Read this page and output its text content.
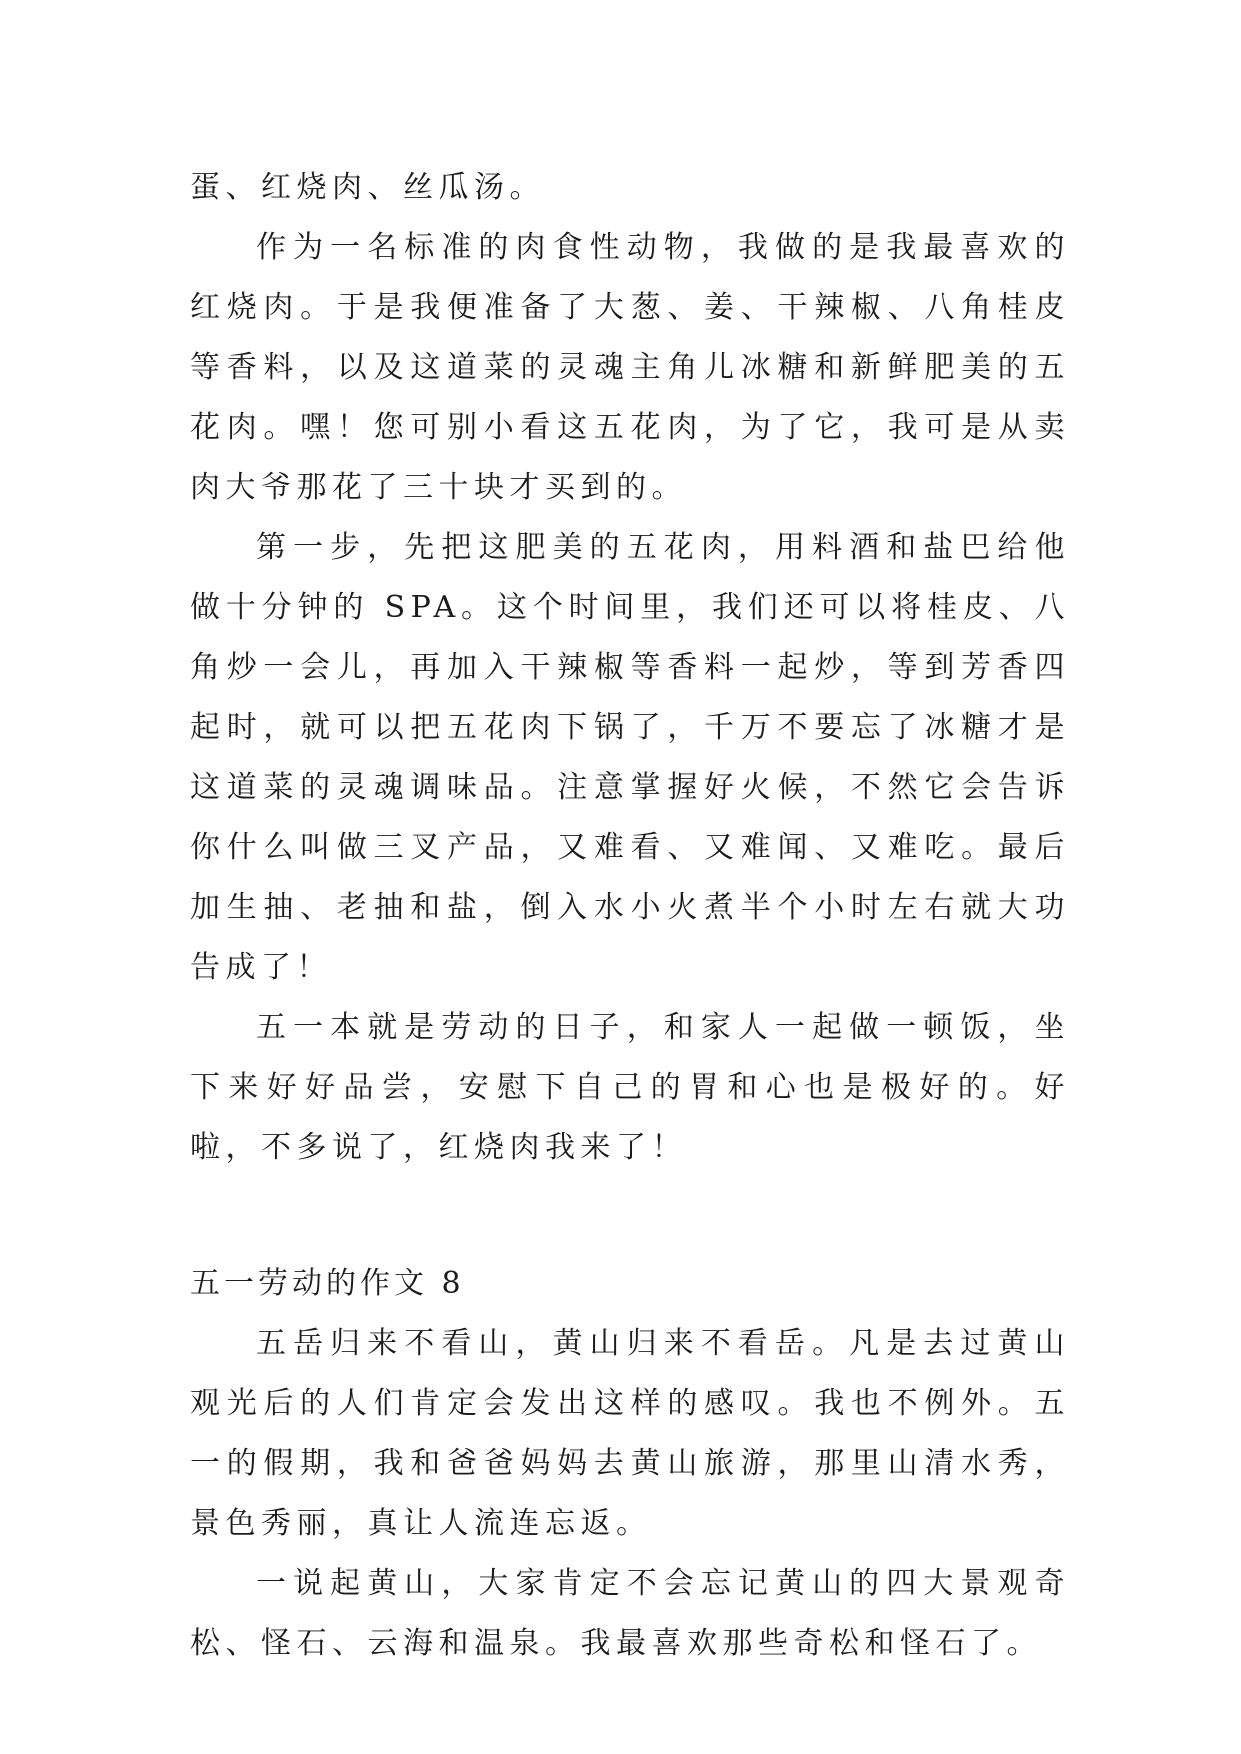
蛋、红烧肉、丝瓜汤。

作为一名标准的肉食性动物，我做的是我最喜欢的红烧肉。于是我便准备了大葱、姜、干辣椒、八角桂皮等香料，以及这道菜的灵魂主角儿冰糖和新鲜肥美的五花肉。嘿！您可别小看这五花肉，为了它，我可是从卖肉大爷那花了三十块才买到的。

第一步，先把这肥美的五花肉，用料酒和盐巴给他做十分钟的 SPA。这个时间里，我们还可以将桂皮、八角炒一会儿，再加入干辣椒等香料一起炒，等到芳香四起时，就可以把五花肉下锅了，千万不要忘了冰糖才是这道菜的灵魂调味品。注意掌握好火候，不然它会告诉你什么叫做三叉产品，又难看、又难闻、又难吃。最后加生抽、老抽和盐，倒入水小火煮半个小时左右就大功告成了！

五一本就是劳动的日子，和家人一起做一顿饭，坐下来好好品尝，安慰下自己的胃和心也是极好的。好啦，不多说了，红烧肉我来了！

五一劳动的作文 8

五岳归来不看山，黄山归来不看岳。凡是去过黄山观光后的人们肯定会发出这样的感叹。我也不例外。五一的假期，我和爸爸妈妈去黄山旅游，那里山清水秀，景色秀丽，真让人流连忘返。

一说起黄山，大家肯定不会忘记黄山的四大景观奇松、怪石、云海和温泉。我最喜欢那些奇松和怪石了。
